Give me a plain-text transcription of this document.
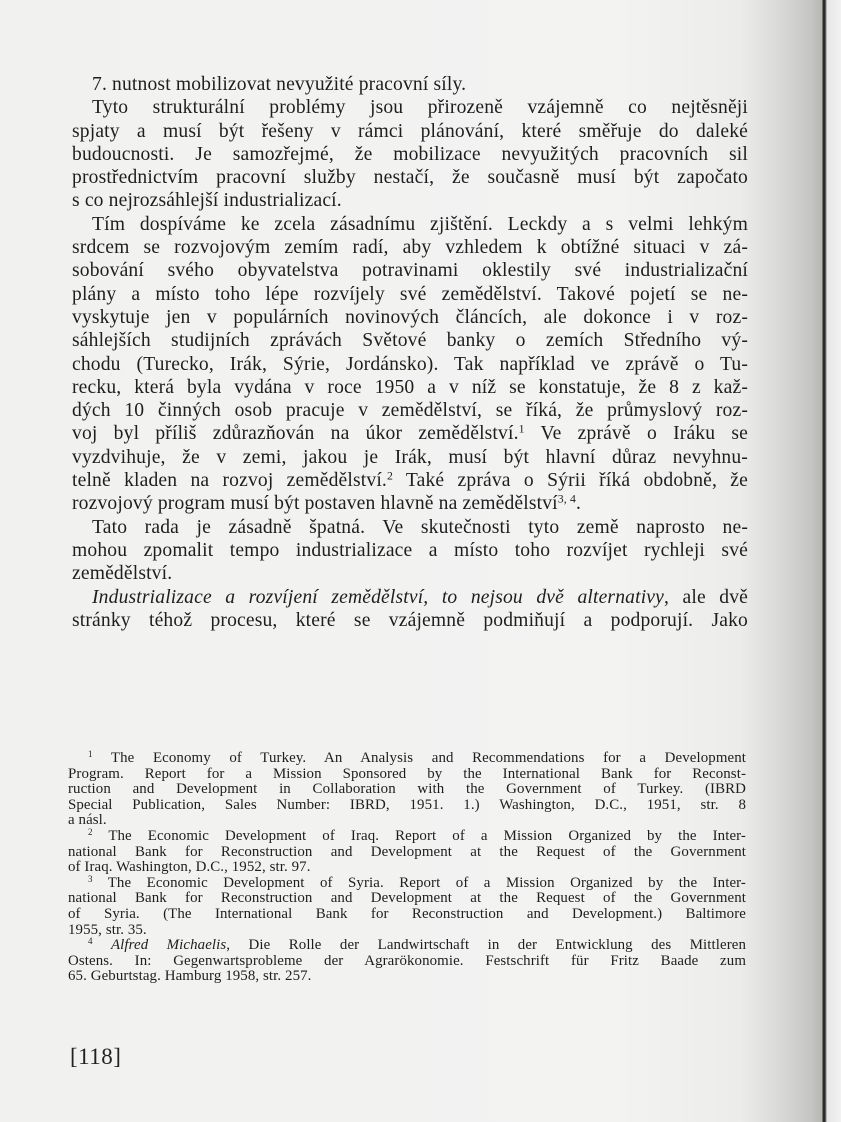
7. nutnost mobilizovat nevyužité pracovní síly.
Tyto strukturální problémy jsou přirozeně vzájemně co nejtěsněji
spjaty a musí být řešeny v rámci plánování, které směřuje do daleké
budoucnosti. Je samozřejmé, že mobilizace nevyužitých pracovních sil
prostřednictvím pracovní služby nestačí, že současně musí být započato
s co nejrozsáhlejší industrializací.
Tím dospíváme ke zcela zásadnímu zjištění. Leckdy a s velmi lehkým
srdcem se rozvojovým zemím radí, aby vzhledem k obtížné situaci v zá-
sobování svého obyvatelstva potravinami oklestily své industrializační
plány a místo toho lépe rozvíjely své zemědělství. Takové pojetí se ne-
vyskytuje jen v populárních novinových článcích, ale dokonce i v roz-
sáhlejších studijních zprávách Světové banky o zemích Středního vý-
chodu (Turecko, Irák, Sýrie, Jordánsko). Tak například ve zprávě o Tu-
recku, která byla vydána v roce 1950 a v níž se konstatuje, že 8 z kaž-
dých 10 činných osob pracuje v zemědělství, se říká, že průmyslový roz-
voj byl příliš zdůrazňován na úkor zemědělství.$^1$ Ve zprávě o Iráku se
vyzdvihuje, že v zemi, jakou je Irák, musí být hlavní důraz nevyhnu-
telně kladen na rozvoj zemědělství.$^2$ Také zpráva o Sýrii říká obdobně, že
rozvojový program musí být postaven hlavně na zemědělství$^{3, 4}$.
Tato rada je zásadně špatná. Ve skutečnosti tyto země naprosto ne-
mohou zpomalit tempo industrializace a místo toho rozvíjet rychleji své
zemědělství.
Industrializace a rozvíjení zemědělství, to nejsou dvě alternativy, ale dvě
stránky téhož procesu, které se vzájemně podmiňují a podporují. Jako
$^1$ The Economy of Turkey. An Analysis and Recommendations for a Development
Program. Report for a Mission Sponsored by the International Bank for Reconst-
ruction and Development in Collaboration with the Government of Turkey. (IBRD
Special Publication, Sales Number: IBRD, 1951. 1.) Washington, D.C., 1951, str. 8
a násl.
$^2$ The Economic Development of Iraq. Report of a Mission Organized by the Inter-
national Bank for Reconstruction and Development at the Request of the Government
of Iraq. Washington, D.C., 1952, str. 97.
$^3$ The Economic Development of Syria. Report of a Mission Organized by the Inter-
national Bank for Reconstruction and Development at the Request of the Government
of Syria. (The International Bank for Reconstruction and Development.) Baltimore
1955, str. 35.
$^4$ Alfred Michaelis, Die Rolle der Landwirtschaft in der Entwicklung des Mittleren
Ostens. In: Gegenwartsprobleme der Agrarökonomie. Festschrift für Fritz Baade zum
65. Geburtstag. Hamburg 1958, str. 257.
[118]
